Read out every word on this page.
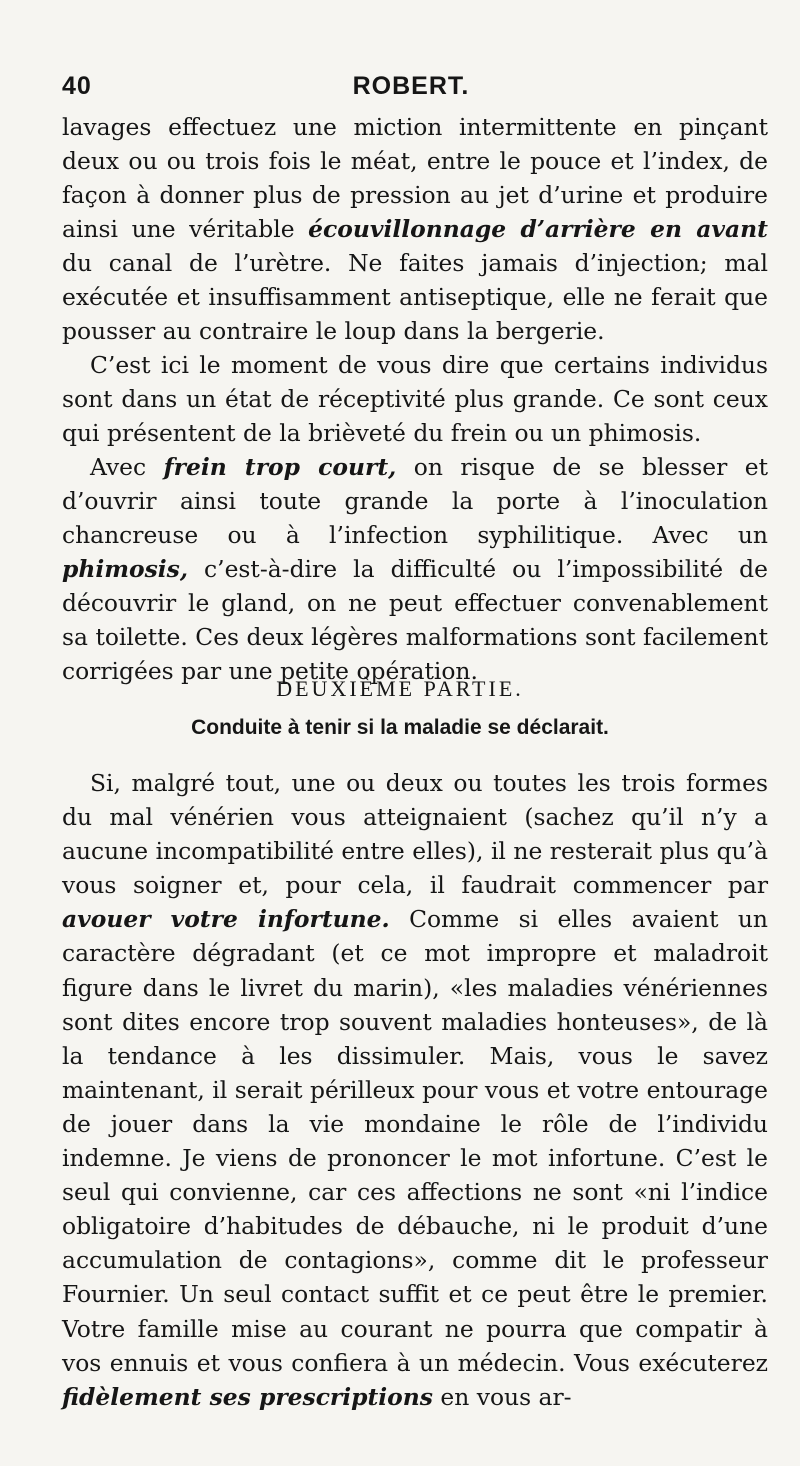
40	ROBERT.

lavages effectuez une miction intermittente en pinçant deux ou ou trois fois le méat, entre le pouce et l’index, de façon à donner plus de pression au jet d’urine et produire ainsi une véritable écouvillonnage d’arrière en avant du canal de l’urètre. Ne faites jamais d’injection; mal exécutée et insuffisamment antiseptique, elle ne ferait que pousser au contraire le loup dans la bergerie.

C’est ici le moment de vous dire que certains individus sont dans un état de réceptivité plus grande. Ce sont ceux qui présentent de la brièveté du frein ou un phimosis.

Avec frein trop court, on risque de se blesser et d’ouvrir ainsi toute grande la porte à l’inoculation chancreuse ou à l’infection syphilitique. Avec un phimosis, c’est-à-dire la difficulté ou l’impossibilité de découvrir le gland, on ne peut effectuer convenablement sa toilette. Ces deux légères malformations sont facilement corrigées par une petite opération.

DEUXIÈME PARTIE.
Conduite à tenir si la maladie se déclarait.

Si, malgré tout, une ou deux ou toutes les trois formes du mal vénérien vous atteignaient (sachez qu’il n’y a aucune incompatibilité entre elles), il ne resterait plus qu’à vous soigner et, pour cela, il faudrait commencer par avouer votre infortune. Comme si elles avaient un caractère dégradant (et ce mot impropre et maladroit figure dans le livret du marin), «les maladies vénériennes sont dites encore trop souvent maladies honteuses», de là la tendance à les dissimuler. Mais, vous le savez maintenant, il serait périlleux pour vous et votre entourage de jouer dans la vie mondaine le rôle de l’individu indemne. Je viens de prononcer le mot infortune. C’est le seul qui convienne, car ces affections ne sont «ni l’indice obligatoire d’habitudes de débauche, ni le produit d’une accumulation de contagions», comme dit le professeur Fournier. Un seul contact suffit et ce peut être le premier. Votre famille mise au courant ne pourra que compatir à vos ennuis et vous confiera à un médecin. Vous exécuterez fidèlement ses prescriptions en vous ar-
